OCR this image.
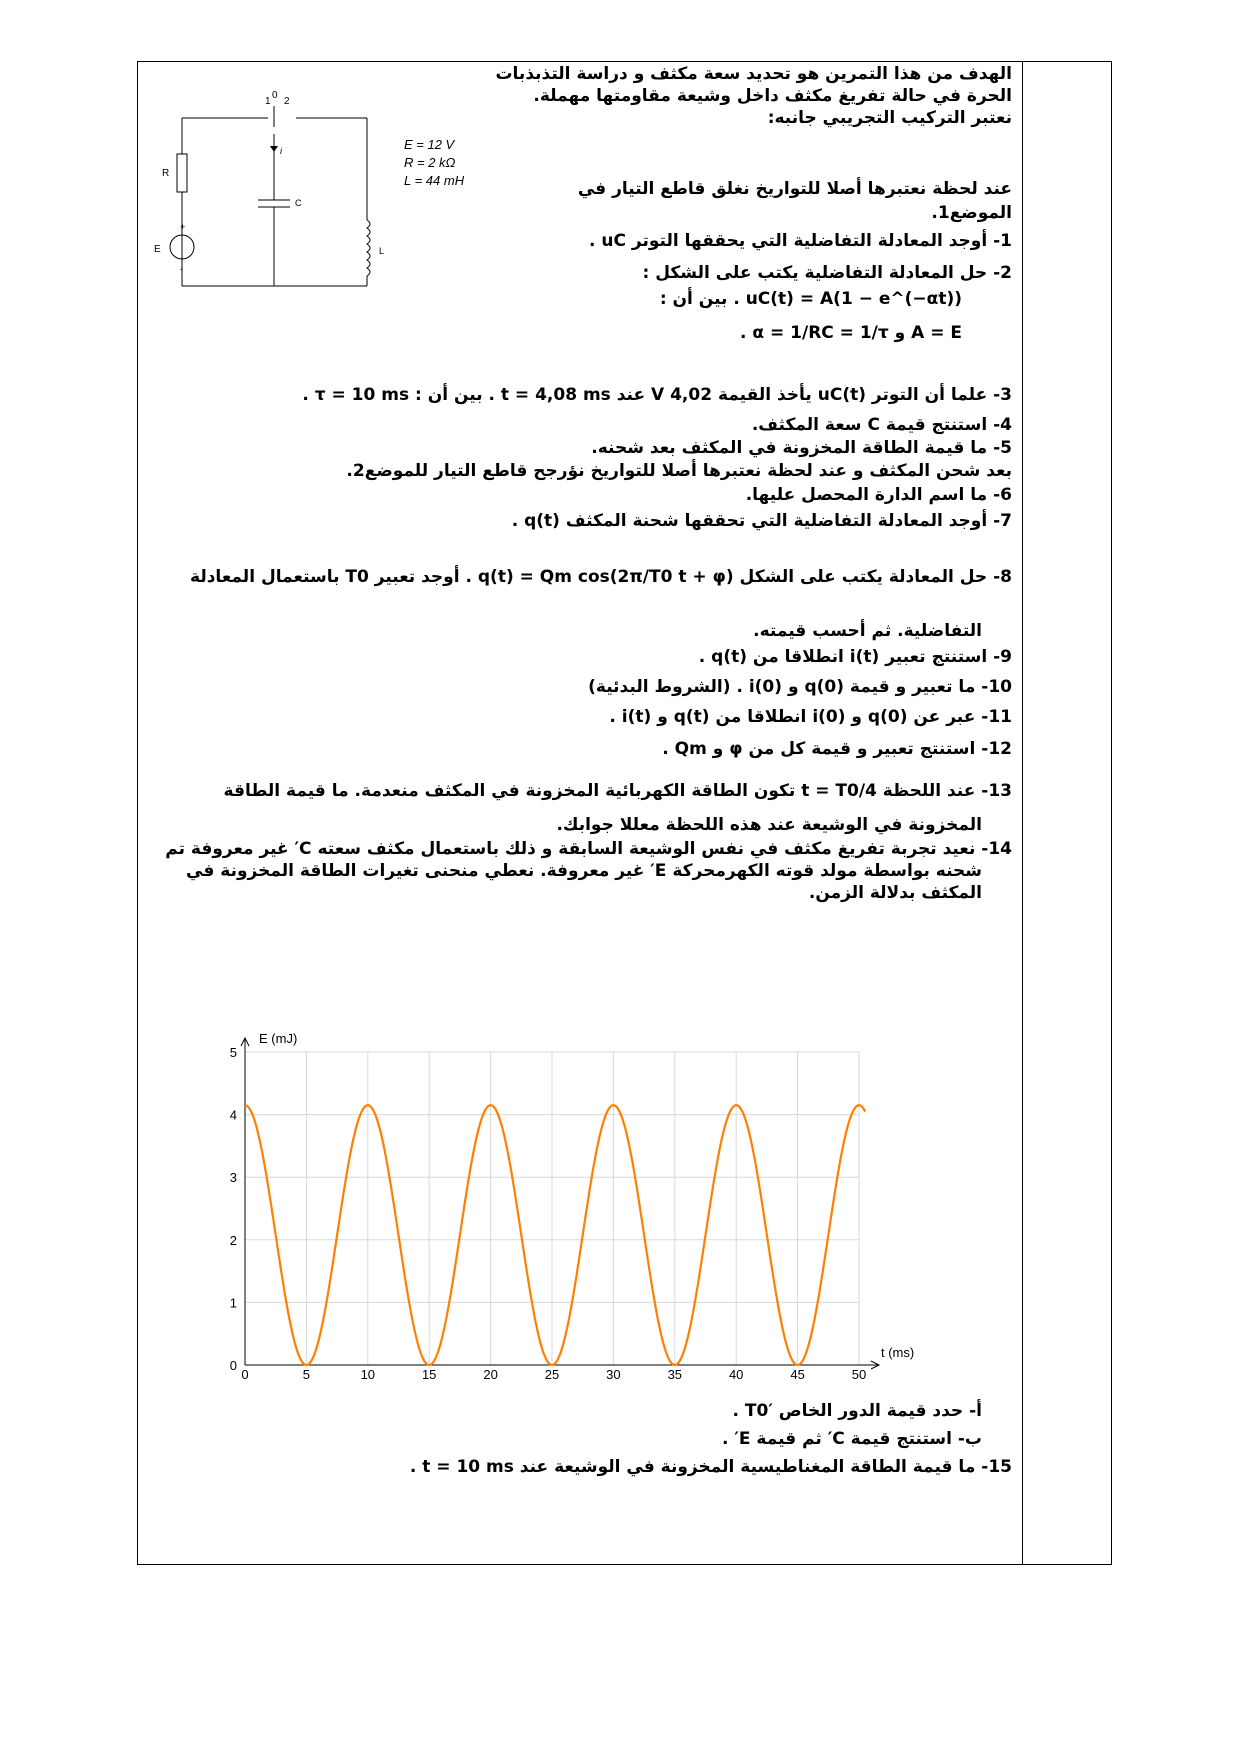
الهدف من هذا التمرين هو تحديد سعة مكثف و دراسة التذبذبات
الحرة في حالة تفريغ مكثف داخل وشيعة مقاومتها مهملة.
نعتبر التركيب التجريبي جانبه:
1
0
2
R
E
+
-
C
L
i	E = 12 V
R = 2 kΩ
L = 44 mH	عند لحظة نعتبرها أصلا للتواريخ نغلق قاطع التيار في
الموضع1.
1- أوجد المعادلة التفاضلية التي يحققها التوتر uC .
2- حل المعادلة التفاضلية يكتب على الشكل :
uC(t) = A(1 − e^(−αt)) . بين أن :
A = E و α = 1/RC = 1/τ .
3- علما أن التوتر uC(t) يأخذ القيمة 4,02 V عند t = 4,08 ms . بين أن : τ = 10 ms .
4- استنتج قيمة C سعة المكثف.
5- ما قيمة الطاقة المخزونة في المكثف بعد شحنه.
بعد شحن المكثف و عند لحظة نعتبرها أصلا للتواريخ نؤرجح قاطع التيار للموضع2.
6- ما اسم الدارة المحصل عليها.
7- أوجد المعادلة التفاضلية التي تحققها شحنة المكثف q(t) .
8- حل المعادلة يكتب على الشكل q(t) = Qm cos(2π/T0 t + φ) . أوجد تعبير T0 باستعمال المعادلة
التفاضلية. ثم أحسب قيمته.
9- استنتج تعبير i(t) انطلاقا من q(t) .
10- ما تعبير و قيمة q(0) و i(0) . (الشروط البدئية)
11- عبر عن q(0) و i(0) انطلاقا من q(t) و i(t) .
12- استنتج تعبير و قيمة كل من φ و Qm .
13- عند اللحظة t = T0/4 تكون الطاقة الكهربائية المخزونة في المكثف منعدمة. ما قيمة الطاقة
المخزونة في الوشيعة عند هذه اللحظة معللا جوابك.
14- نعيد تجربة تفريغ مكثف في نفس الوشيعة السابقة و ذلك باستعمال مكثف سعته C′ غير معروفة تم
شحنه بواسطة مولد قوته الكهرمحركة E′ غير معروفة. نعطي منحنى تغيرات الطاقة المخزونة في
المكثف بدلالة الزمن.
0	5	10	15	20	25	30	35	40	45	50
0
1
2
3
4
5
E (mJ)
t (ms)
أ- حدد قيمة الدور الخاص T0′ .
ب- استنتج قيمة C′ ثم قيمة E′ .
15- ما قيمة الطاقة المغناطيسية المخزونة في الوشيعة عند t = 10 ms .
